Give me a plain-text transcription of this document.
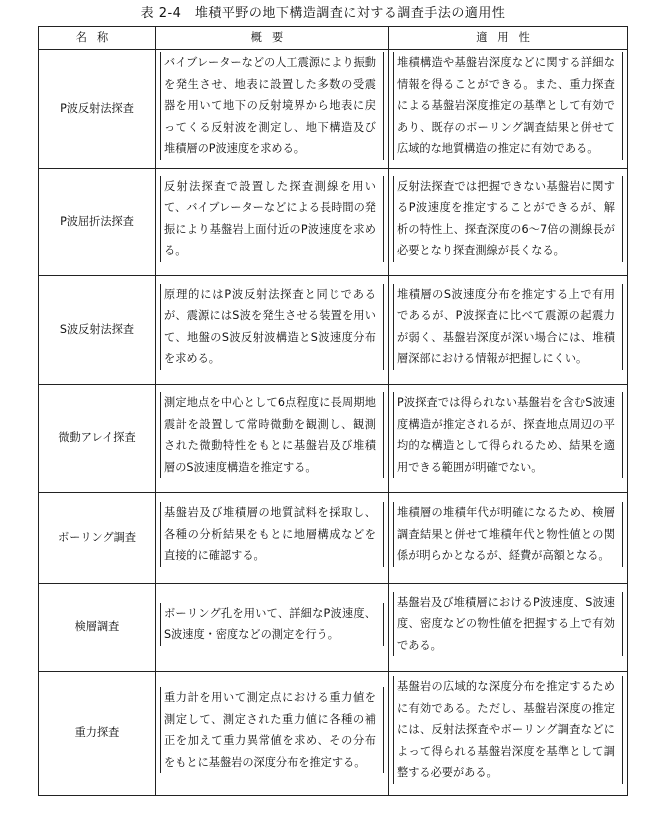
表 2-4　堆積平野の地下構造調査に対する調査手法の適用性
名称	概要	適用性
P波反射法探査	バイブレーターなどの人工震源により振動を発生させ、地表に設置した多数の受震器を用いて地下の反射境界から地表に戻ってくる反射波を測定し、地下構造及び堆積層のP波速度を求める。	堆積構造や基盤岩深度などに関する詳細な情報を得ることができる。また、重力探査による基盤岩深度推定の基準として有効であり、既存のボーリング調査結果と併せて広域的な地質構造の推定に有効である。

P波屈折法探査	反射法探査で設置した探査測線を用いて、バイブレーターなどによる長時間の発振により基盤岩上面付近のP波速度を求める。	反射法探査では把握できない基盤岩に関するP波速度を推定することができるが、解析の特性上、探査深度の6～7倍の測線長が必要となり探査測線が長くなる。

S波反射法探査	原理的にはP波反射法探査と同じであるが、震源にはS波を発生させる装置を用いて、地盤のS波反射波構造とS波速度分布を求める。	堆積層のS波速度分布を推定する上で有用であるが、P波探査に比べて震源の起震力が弱く、基盤岩深度が深い場合には、堆積層深部における情報が把握しにくい。

微動アレイ探査	測定地点を中心として6点程度に長周期地震計を設置して常時微動を観測し、観測された微動特性をもとに基盤岩及び堆積層のS波速度構造を推定する。	P波探査では得られない基盤岩を含むS波速度構造が推定されるが、探査地点周辺の平均的な構造として得られるため、結果を適用できる範囲が明確でない。

ボーリング調査	基盤岩及び堆積層の地質試料を採取し、各種の分析結果をもとに地層構成などを直接的に確認する。	堆積層の堆積年代が明確になるため、検層調査結果と併せて堆積年代と物性値との関係が明らかとなるが、経費が高額となる。

検層調査	ボーリング孔を用いて、詳細なP波速度、S波速度・密度などの測定を行う。	基盤岩及び堆積層におけるP波速度、S波速度、密度などの物性値を把握する上で有効である。

重力探査	重力計を用いて測定点における重力値を測定して、測定された重力値に各種の補正を加えて重力異常値を求め、その分布をもとに基盤岩の深度分布を推定する。	基盤岩の広域的な深度分布を推定するために有効である。ただし、基盤岩深度の推定には、反射法探査やボーリング調査などによって得られる基盤岩深度を基準として調整する必要がある。
